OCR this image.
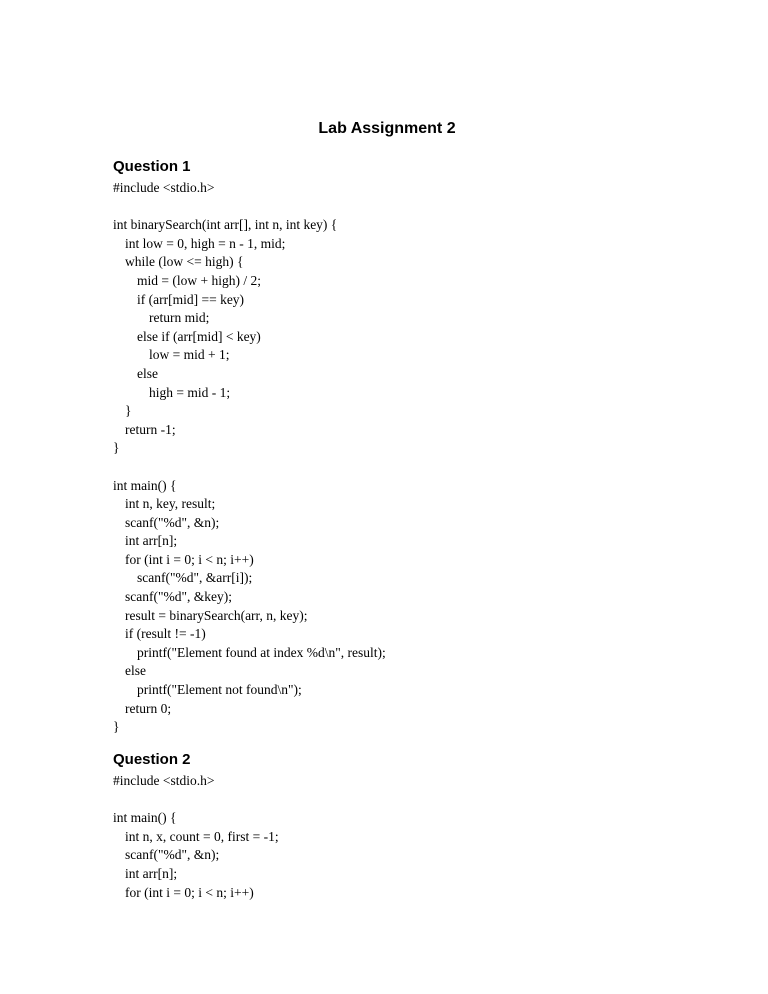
Lab Assignment 2
Question 1
#include <stdio.h>
int binarySearch(int arr[], int n, int key) {
int low = 0, high = n - 1, mid;
while (low <= high) {
mid = (low + high) / 2;
if (arr[mid] == key)
return mid;
else if (arr[mid] < key)
low = mid + 1;
else
high = mid - 1;
}
return -1;
}
int main() {
int n, key, result;
scanf("%d", &n);
int arr[n];
for (int i = 0; i < n; i++)
scanf("%d", &arr[i]);
scanf("%d", &key);
result = binarySearch(arr, n, key);
if (result != -1)
printf("Element found at index %d\n", result);
else
printf("Element not found\n");
return 0;
}
Question 2
#include <stdio.h>
int main() {
int n, x, count = 0, first = -1;
scanf("%d", &n);
int arr[n];
for (int i = 0; i < n; i++)
